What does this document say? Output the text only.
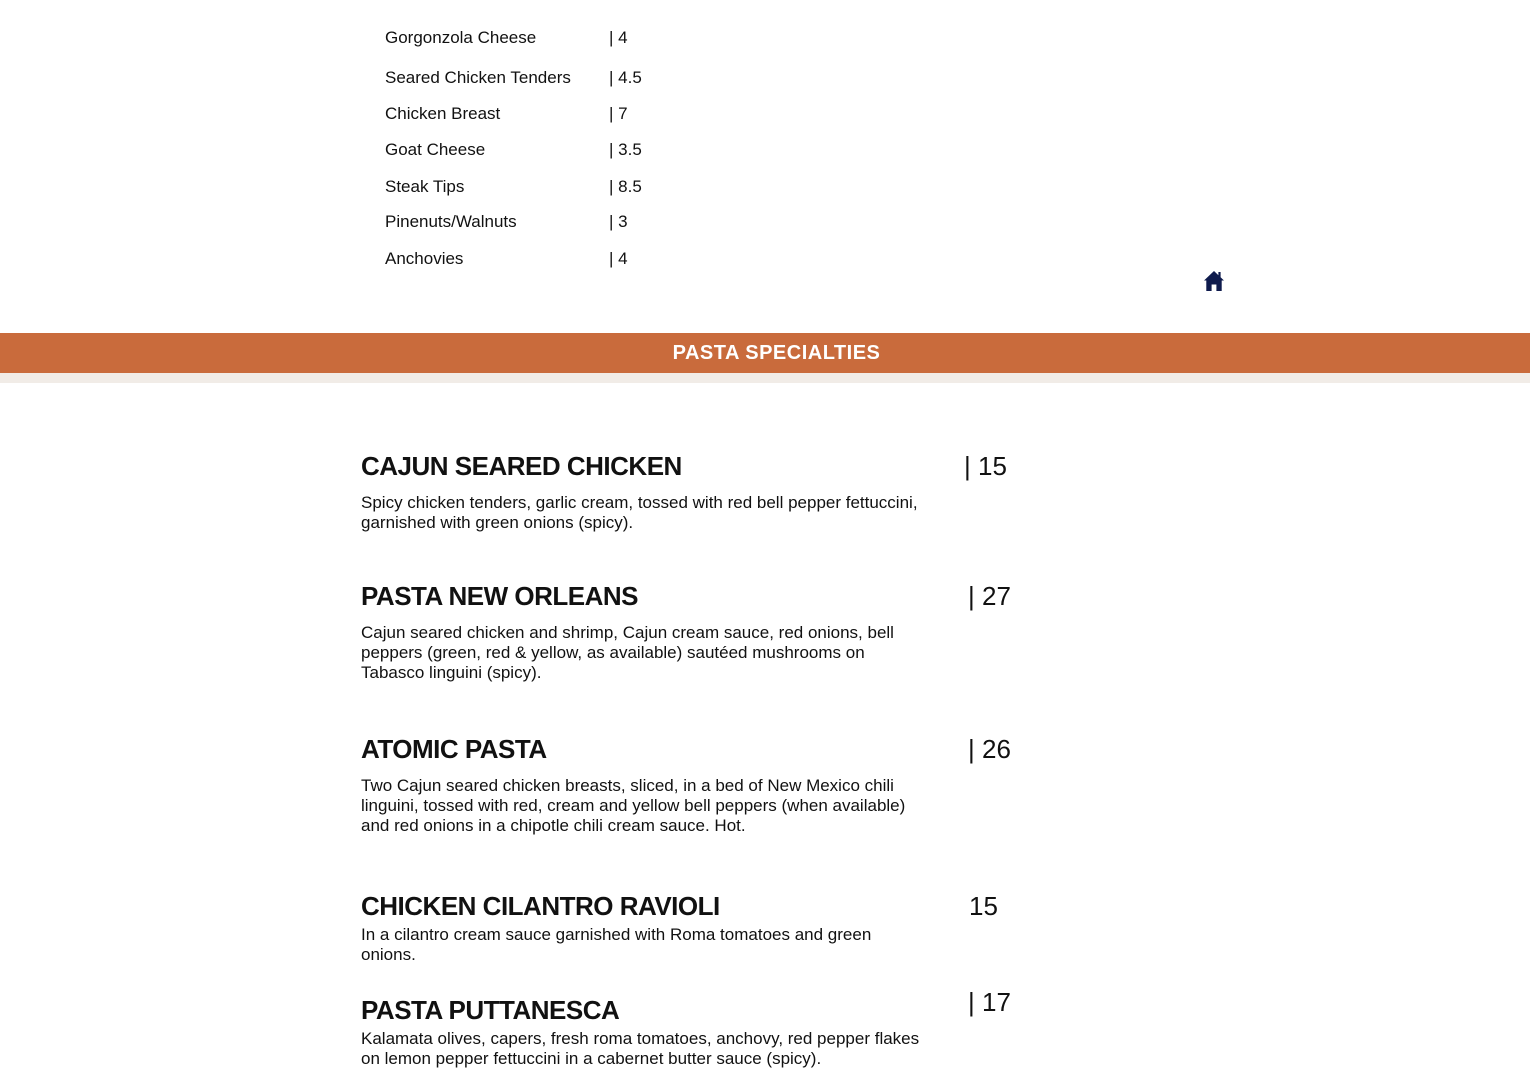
Gorgonzola Cheese	| 4
Seared Chicken Tenders | 4.5
Chicken Breast	| 7
Goat Cheese	| 3.5
Steak Tips	| 8.5
Pinenuts/Walnuts	| 3
Anchovies	| 4
PASTA SPECIALTIES
CAJUN SEARED CHICKEN	| 15
Spicy chicken tenders, garlic cream, tossed with red bell pepper fettuccini, garnished with green onions (spicy).
PASTA NEW ORLEANS	| 27
Cajun seared chicken and shrimp, Cajun cream sauce, red onions, bell peppers (green, red & yellow, as available) sautéed mushrooms on Tabasco linguini (spicy).
ATOMIC PASTA	| 26
Two Cajun seared chicken breasts, sliced, in a bed of New Mexico chili linguini, tossed with red, cream and yellow bell peppers (when available) and red onions in a chipotle chili cream sauce. Hot.
CHICKEN CILANTRO RAVIOLI	15
In a cilantro cream sauce garnished with Roma tomatoes and green onions.
PASTA PUTTANESCA	| 17
Kalamata olives, capers, fresh roma tomatoes, anchovy, red pepper flakes on lemon pepper fettuccini in a cabernet butter sauce (spicy).
